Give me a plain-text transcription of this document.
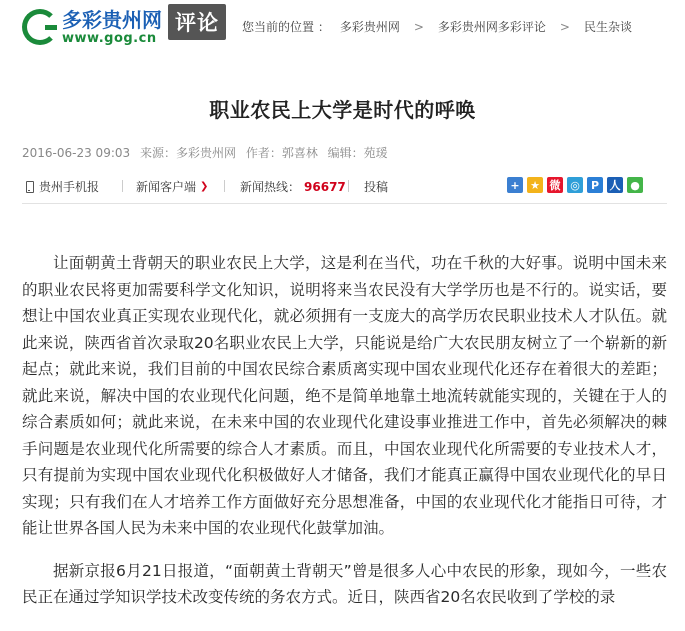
多彩贵州网
www.gog.cn
评论	您当前的位置 ： 多彩贵州网 > 多彩贵州网多彩评论 > 民生杂谈
职业农民上大学是时代的呼唤
2016-06-23 09:03 来源：多彩贵州网 作者：郭喜林 编辑：苑瑗
贵州手机报	新闻客户端 ❯	新闻热线： 96677 投稿	+ ★ 微 ◎	P 人 ●

让面朝黄土背朝天的职业农民上大学，这是利在当代，功在千秋的大好事。说明中国未来的职业农民将更加需要科学文化知识，说明将来当农民没有大学学历也是不行的。说实话，要想让中国农业真正实现农业现代化，就必须拥有一支庞大的高学历农民职业技术人才队伍。就此来说，陕西省首次录取20名职业农民上大学，只能说是给广大农民朋友树立了一个崭新的新起点；就此来说，我们目前的中国农民综合素质离实现中国农业现代化还存在着很大的差距；就此来说，解决中国的农业现代化问题，绝不是简单地靠土地流转就能实现的，关键在于人的综合素质如何；就此来说，在未来中国的农业现代化建设事业推进工作中，首先必须解决的棘手问题是农业现代化所需要的综合人才素质。而且，中国农业现代化所需要的专业技术人才，只有提前为实现中国农业现代化积极做好人才储备，我们才能真正赢得中国农业现代化的早日实现；只有我们在人才培养工作方面做好充分思想准备，中国的农业现代化才能指日可待，才能让世界各国人民为未来中国的农业现代化鼓掌加油。

据新京报6月21日报道，“面朝黄土背朝天”曾是很多人心中农民的形象，现如今，一些农民正在通过学知识学技术改变传统的务农方式。近日，陕西省20名农民收到了学校的录
